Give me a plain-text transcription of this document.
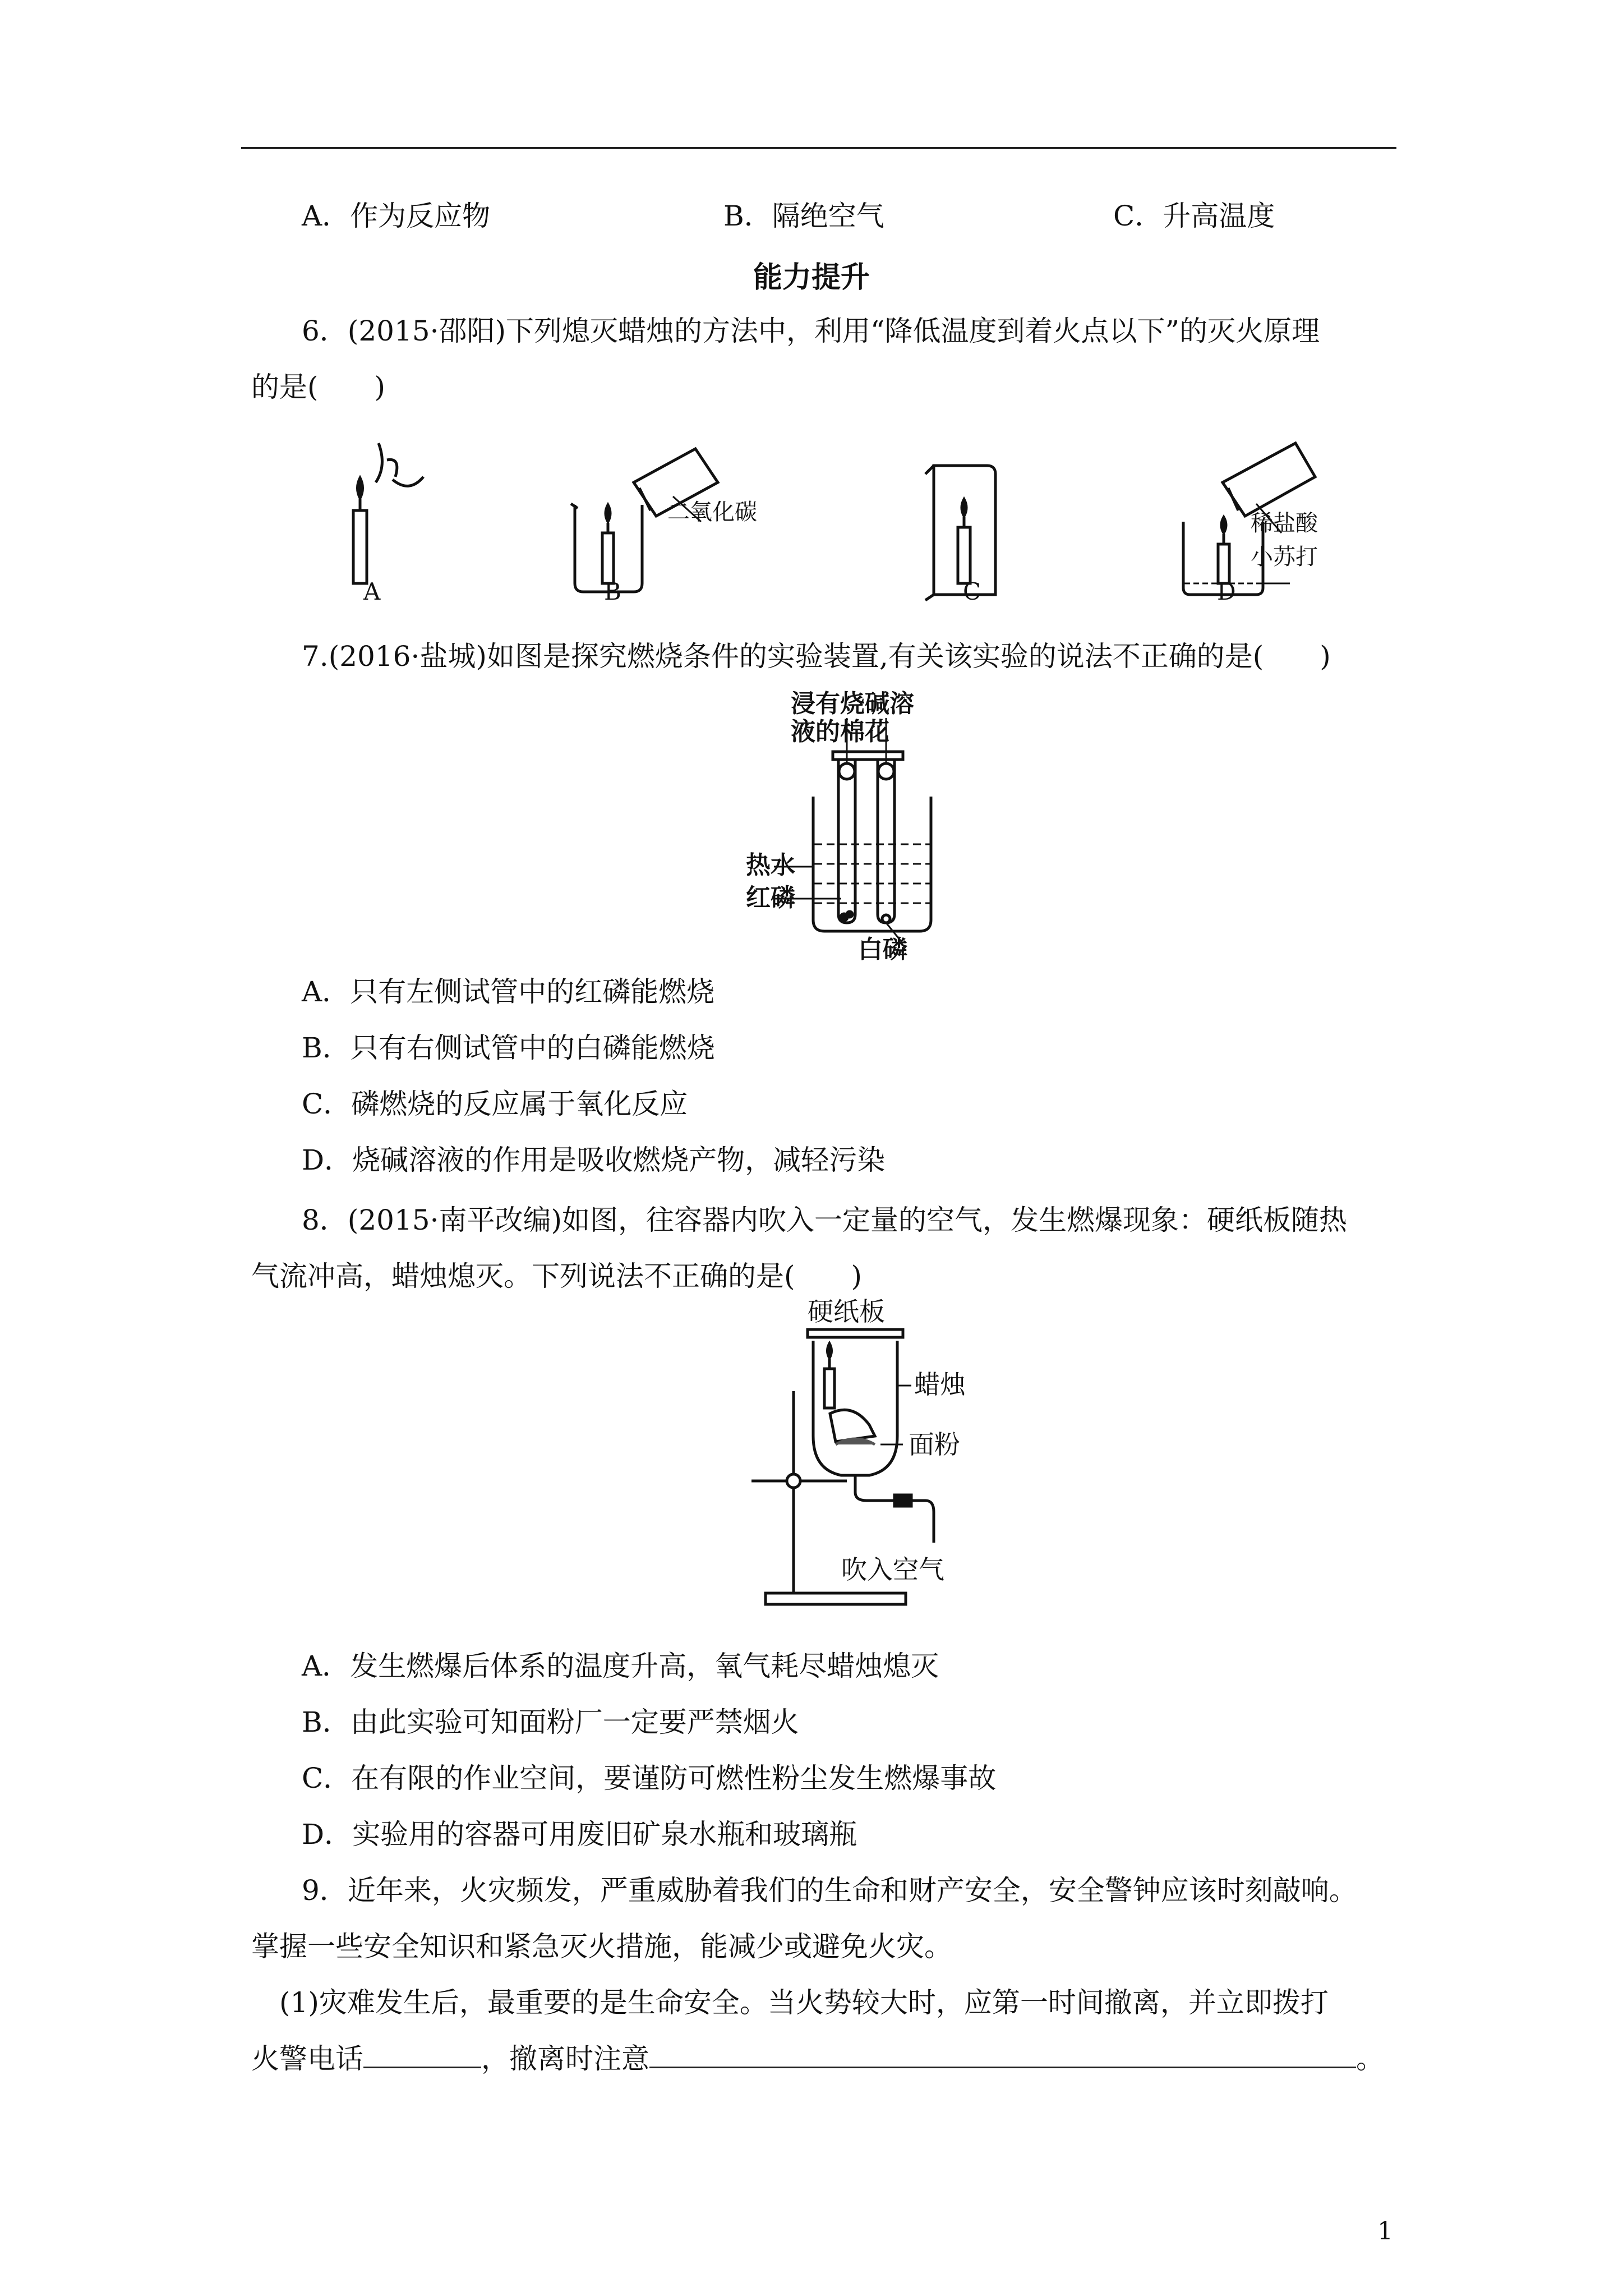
A．作为反应物	B．隔绝空气	C．升高温度
能力提升
6．(2015·邵阳)下列熄灭蜡烛的方法中，利用“降低温度到着火点以下”的灭火原理
的是(　　)
二氧化碳	稀盐酸
小苏打
A	B	C	D
7.(2016·盐城)如图是探究燃烧条件的实验装置,有关该实验的说法不正确的是(　　)
浸有烧碱溶
液的棉花
热水
红磷
白磷
A．只有左侧试管中的红磷能燃烧
B．只有右侧试管中的白磷能燃烧
C．磷燃烧的反应属于氧化反应
D．烧碱溶液的作用是吸收燃烧产物，减轻污染
8．(2015·南平改编)如图，往容器内吹入一定量的空气，发生燃爆现象：硬纸板随热
气流冲高，蜡烛熄灭。下列说法不正确的是(　　)
硬纸板
蜡烛
面粉
吹入空气
A．发生燃爆后体系的温度升高，氧气耗尽蜡烛熄灭
B．由此实验可知面粉厂一定要严禁烟火
C．在有限的作业空间，要谨防可燃性粉尘发生燃爆事故
D．实验用的容器可用废旧矿泉水瓶和玻璃瓶
9．近年来，火灾频发，严重威胁着我们的生命和财产安全，安全警钟应该时刻敲响。
掌握一些安全知识和紧急灭火措施，能减少或避免火灾。
(1)灾难发生后，最重要的是生命安全。当火势较大时，应第一时间撤离，并立即拨打
火警电话	，撤离时注意	。
1
